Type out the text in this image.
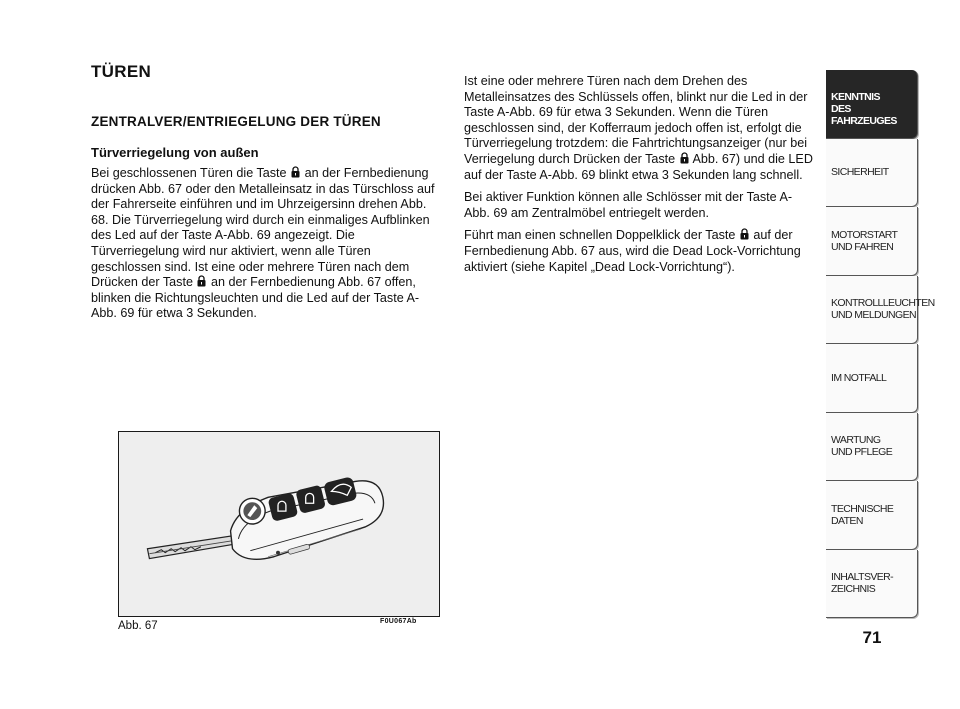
TÜREN
ZENTRALVER/ENTRIEGELUNG DER TÜREN
Türverriegelung von außen

Bei geschlossenen Türen die Taste an der Fernbedienung drücken Abb. 67 oder den Metalleinsatz in das Türschloss auf der Fahrerseite einführen und im Uhrzeigersinn drehen Abb. 68. Die Türverriegelung wird durch ein einmaliges Aufblinken des Led auf der Taste A-Abb. 69 angezeigt. Die Türverriegelung wird nur aktiviert, wenn alle Türen geschlossen sind. Ist eine oder mehrere Türen nach dem Drücken der Taste an der Fernbedienung Abb. 67 offen, blinken die Richtungsleuchten und die Led auf der Taste A-Abb. 69 für etwa 3 Sekunden.

Ist eine oder mehrere Türen nach dem Drehen des Metalleinsatzes des Schlüssels offen, blinkt nur die Led in der Taste A-Abb. 69 für etwa 3 Sekunden. Wenn die Türen geschlossen sind, der Kofferraum jedoch offen ist, erfolgt die Türverriegelung trotzdem: die Fahrtrichtungsanzeiger (nur bei Verriegelung durch Drücken der Taste Abb. 67) und die LED auf der Taste A-Abb. 69 blinkt etwa 3 Sekunden lang schnell.

Bei aktiver Funktion können alle Schlösser mit der Taste A-Abb. 69 am Zentralmöbel entriegelt werden.

Führt man einen schnellen Doppelklick der Taste auf der Fernbedienung Abb. 67 aus, wird die Dead Lock-Vorrichtung aktiviert (siehe Kapitel „Dead Lock-Vorrichtung“).

Abb. 67	F0U067Ab
KENNTNIS
DES FAHRZEUGES
SICHERHEIT
MOTORSTART
UND FAHREN
KONTROLLLEUCHTEN
UND MELDUNGEN
IM NOTFALL
WARTUNG
UND PFLEGE
TECHNISCHE
DATEN
INHALTSVER-
ZEICHNIS
71
